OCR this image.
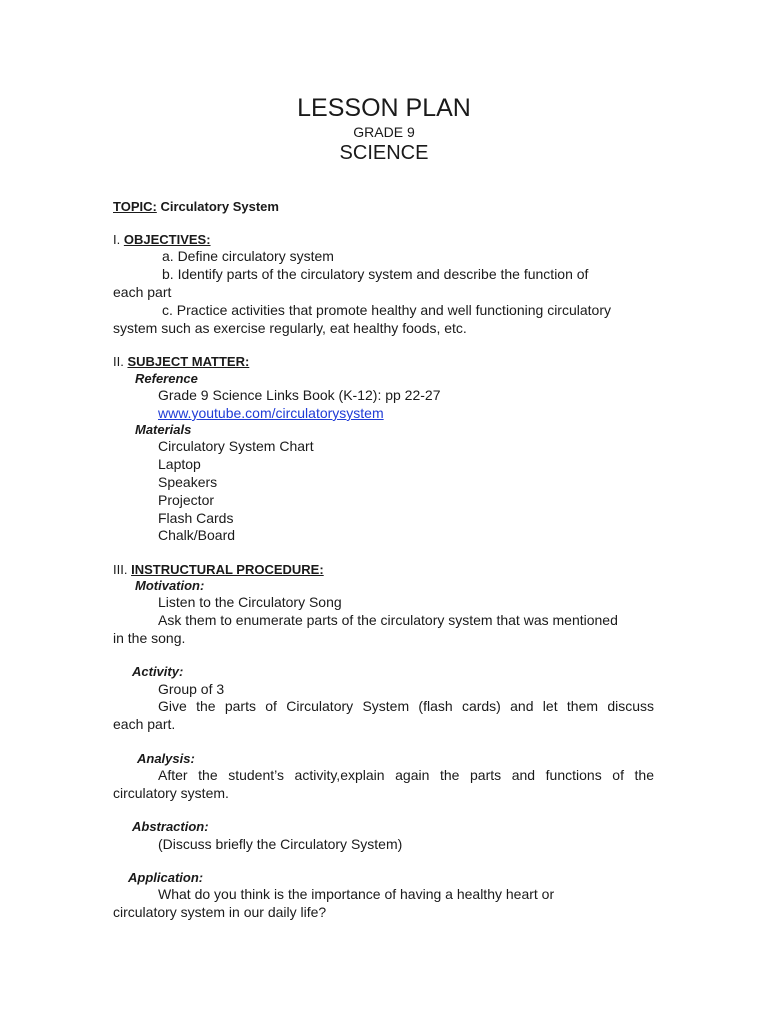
LESSON PLAN
GRADE 9
SCIENCE
TOPIC: Circulatory System
I. OBJECTIVES:
a. Define circulatory system
b. Identify parts of the circulatory system and describe the function of
each part
c. Practice activities that promote healthy and well functioning circulatory
system such as exercise regularly, eat healthy foods, etc.
II. SUBJECT MATTER:
Reference
Grade 9 Science Links Book (K-12): pp 22-27
www.youtube.com/circulatorysystem
Materials
Circulatory System Chart
Laptop
Speakers
Projector
Flash Cards
Chalk/Board
III. INSTRUCTURAL PROCEDURE:
Motivation:
Listen to the Circulatory Song
Ask them to enumerate parts of the circulatory system that was mentioned
in the song.
Activity:
Group of 3
Give the parts of Circulatory System (flash cards) and let them discuss
each part.
Analysis:
After the student’s activity,explain again the parts and functions of the
circulatory system.
Abstraction:
(Discuss briefly the Circulatory System)
Application:
What do you think is the importance of having a healthy heart or
circulatory system in our daily life?
